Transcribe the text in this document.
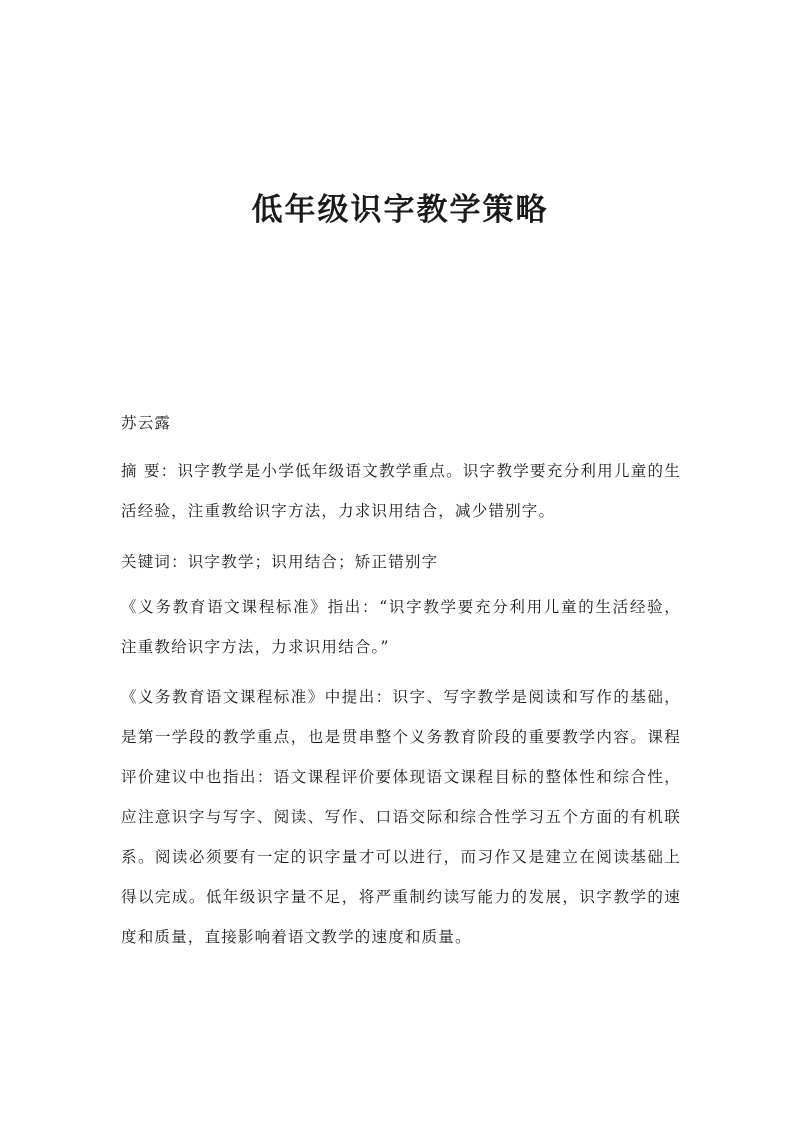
低年级识字教学策略

苏云露

摘 要：识字教学是小学低年级语文教学重点。识字教学要充分利用儿童的生活经验，注重教给识字方法，力求识用结合，减少错别字。

关键词：识字教学；识用结合；矫正错别字

《义务教育语文课程标准》指出：“识字教学要充分利用儿童的生活经验，注重教给识字方法，力求识用结合。”

《义务教育语文课程标准》中提出：识字、写字教学是阅读和写作的基础，是第一学段的教学重点，也是贯串整个义务教育阶段的重要教学内容。课程评价建议中也指出：语文课程评价要体现语文课程目标的整体性和综合性，应注意识字与写字、阅读、写作、口语交际和综合性学习五个方面的有机联系。阅读必须要有一定的识字量才可以进行，而习作又是建立在阅读基础上得以完成。低年级识字量不足，将严重制约读写能力的发展，识字教学的速度和质量，直接影响着语文教学的速度和质量。
